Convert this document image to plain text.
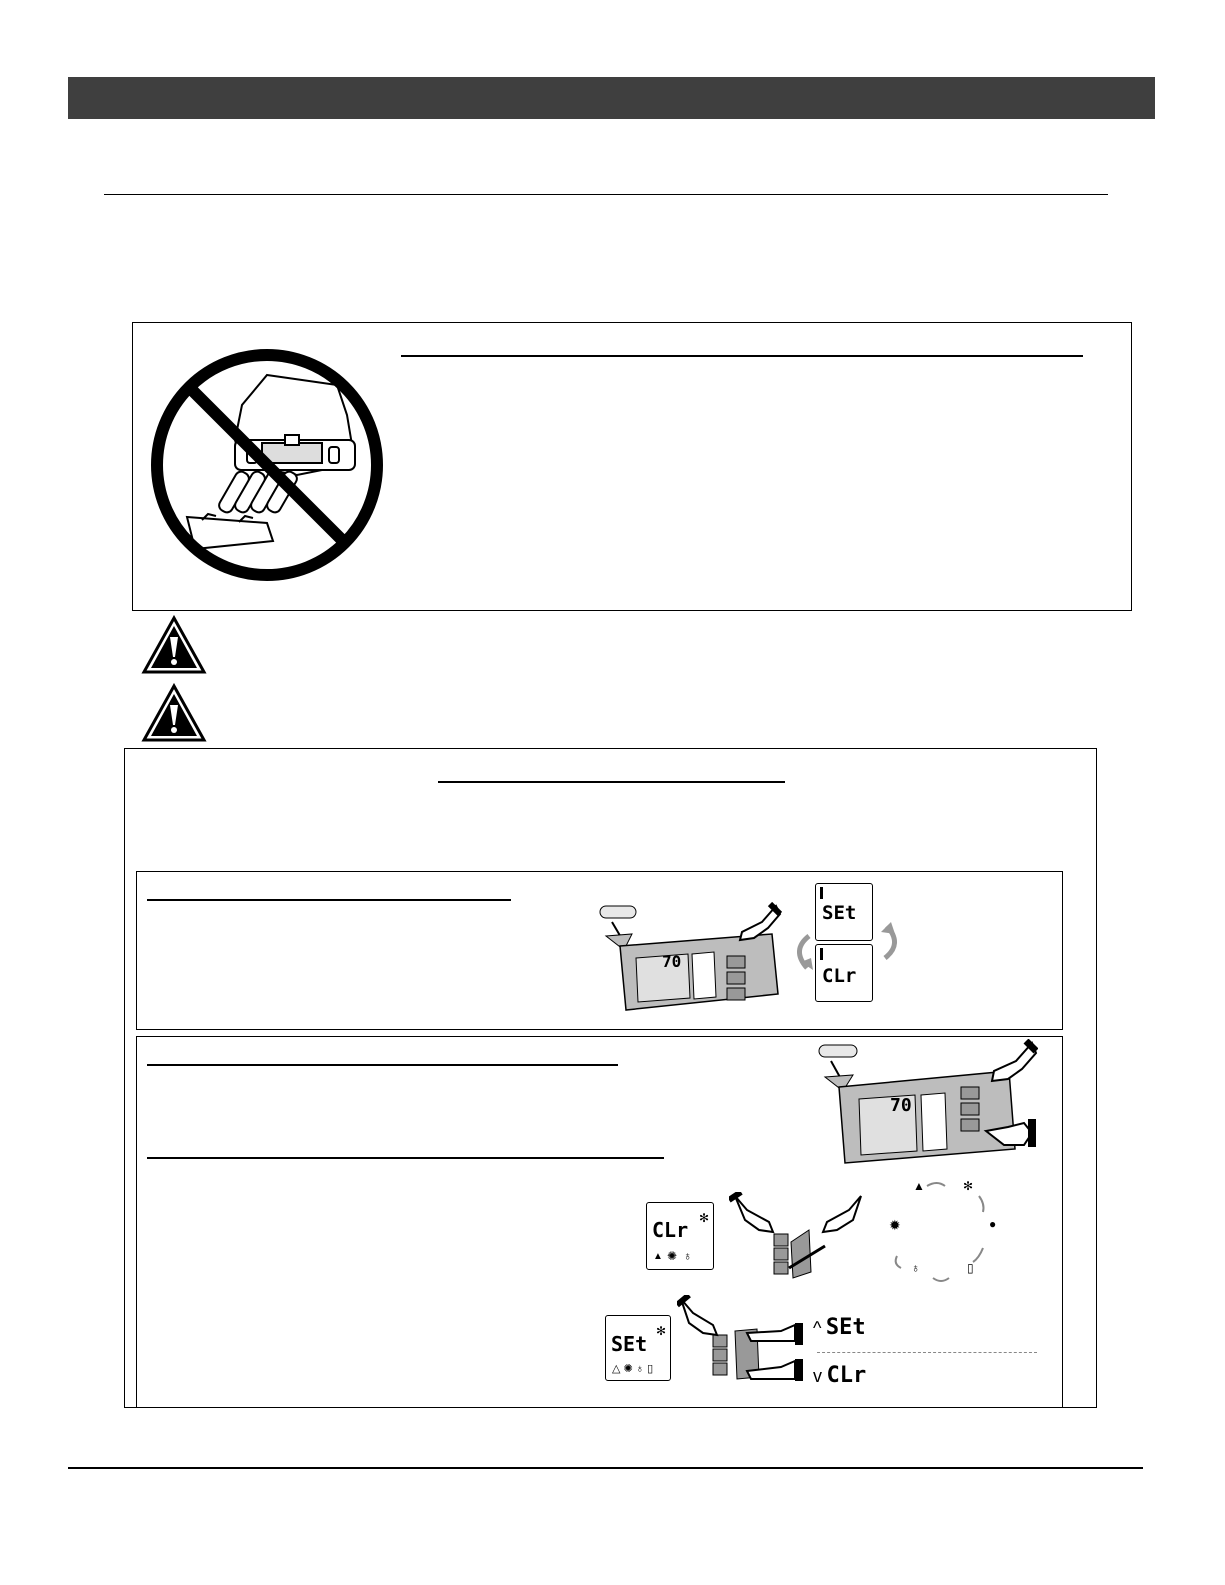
70
SEt
CLr
70
CLr ✻
▲ ✺ ♁
▲	✻
✹	●
♁	▯
SEt
✻
△ ✺ ♁ ▯
^ SEt
v CLr
